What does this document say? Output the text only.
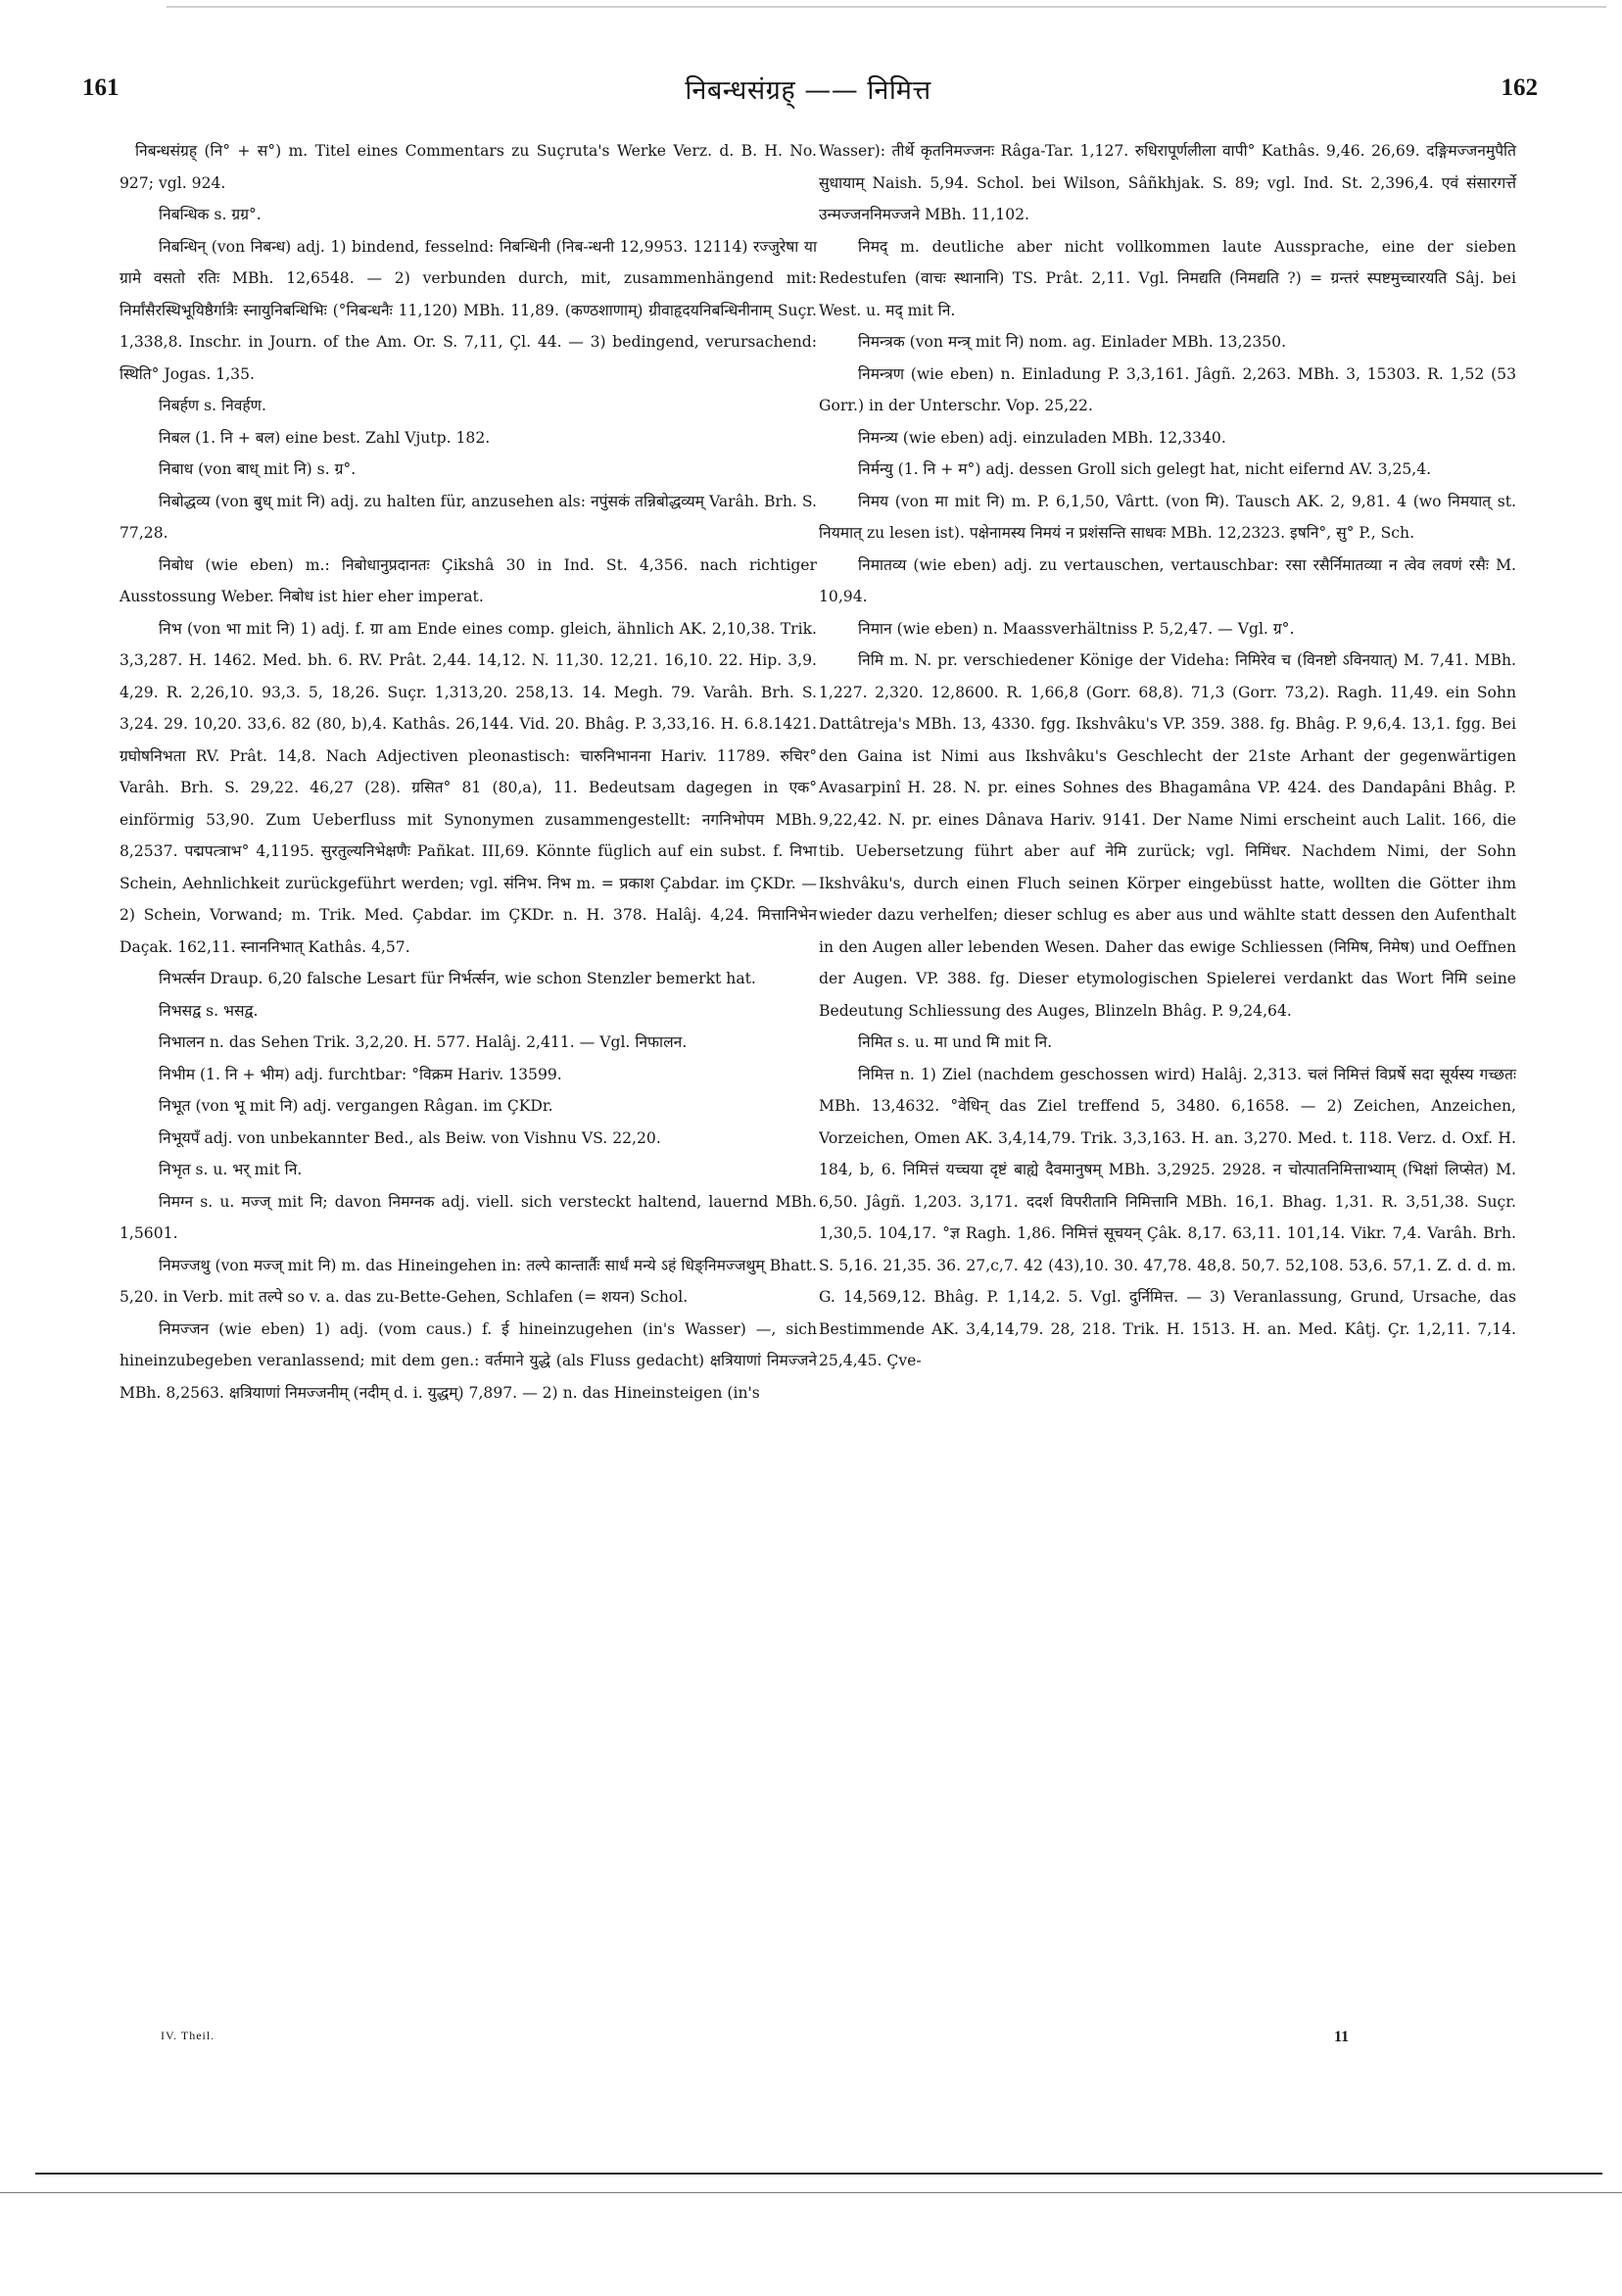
161	निबन्धसंग्रह् —— निमित्त	162

निबन्धसंग्रह् (नि° + स°) m. Titel eines Commentars zu Suçruta's Werke Verz. d. B. H. No. 927; vgl. 924.

निबन्धिक s. ग्रग्र°.

निबन्धिन् (von निबन्ध) adj. 1) bindend, fesselnd: निबन्धिनी (निब-न्धनी 12,9953. 12114) रज्जुरेषा या ग्रामे वसतो रतिः MBh. 12,6548. — 2) verbunden durch, mit, zusammenhängend mit: निर्मांसैरस्थिभूयिष्ठैर्गात्रैः स्नायुनिबन्धिभिः (°निबन्धनैः 11,120) MBh. 11,89. (कण्ठशाणाम्) ग्रीवाहृदयनिबन्धिनीनाम् Suçr. 1,338,8. Inschr. in Journ. of the Am. Or. S. 7,11, Çl. 44. — 3) bedingend, verursachend: स्थिति° Jogas. 1,35.

निबर्हण s. निवर्हण.

निबल (1. नि + बल) eine best. Zahl Vjutp. 182.

निबाध (von बाध् mit नि) s. ग्र°.

निबोद्धव्य (von बुध् mit नि) adj. zu halten für, anzusehen als: नपुंसकं तन्निबोद्धव्यम् Varâh. Brh. S. 77,28.

निबोध (wie eben) m.: निबोधानुप्रदानतः Çikshâ 30 in Ind. St. 4,356. nach richtiger Ausstossung Weber. निबोध ist hier eher imperat.

निभ (von भा mit नि) 1) adj. f. ग्रा am Ende eines comp. gleich, ähnlich AK. 2,10,38. Trik. 3,3,287. H. 1462. Med. bh. 6. RV. Prât. 2,44. 14,12. N. 11,30. 12,21. 16,10. 22. Hip. 3,9. 4,29. R. 2,26,10. 93,3. 5, 18,26. Suçr. 1,313,20. 258,13. 14. Megh. 79. Varâh. Brh. S. 3,24. 29. 10,20. 33,6. 82 (80, b),4. Kathâs. 26,144. Vid. 20. Bhâg. P. 3,33,16. H. 6.8.1421. ग्रघोषनिभता RV. Prât. 14,8. Nach Adjectiven pleonastisch: चारुनिभानना Hariv. 11789. रुचिर° Varâh. Brh. S. 29,22. 46,27 (28). ग्रसित° 81 (80,a), 11. Bedeutsam dagegen in एक° einförmig 53,90. Zum Ueberfluss mit Synonymen zusammengestellt: नगनिभोपम MBh. 8,2537. पद्मपत्त्राभ° 4,1195. सुरतुल्यनिभेक्षणैः Pañkat. III,69. Könnte füglich auf ein subst. f. निभा Schein, Aehnlichkeit zurückgeführt werden; vgl. संनिभ. निभ m. = प्रकाश Çabdar. im ÇKDr. — 2) Schein, Vorwand; m. Trik. Med. Çabdar. im ÇKDr. n. H. 378. Halâj. 4,24. मित्तानिभेन Daçak. 162,11. स्नाननिभात् Kathâs. 4,57.

निभर्त्सन Draup. 6,20 falsche Lesart für निर्भर्त्सन, wie schon Stenzler bemerkt hat.

निभसद्व s. भसद्व.

निभालन n. das Sehen Trik. 3,2,20. H. 577. Halâj. 2,411. — Vgl. निफालन.

निभीम (1. नि + भीम) adj. furchtbar: °विक्रम Hariv. 13599.

निभूत (von भू mit नि) adj. vergangen Râgan. im ÇKDr.

निभूयपँ adj. von unbekannter Bed., als Beiw. von Vishnu VS. 22,20.

निभृत s. u. भर् mit नि.

निमग्न s. u. मज्ज् mit नि; davon निमग्नक adj. viell. sich versteckt haltend, lauernd MBh. 1,5601.

निमज्जथु (von मज्ज् mit नि) m. das Hineingehen in: तल्पे कान्तार्तैः सार्धं मन्ये ऽहं धिङ्निमज्जथुम् Bhatt. 5,20. in Verb. mit तल्पे so v. a. das zu-Bette-Gehen, Schlafen (= शयन) Schol.

निमज्जन (wie eben) 1) adj. (vom caus.) f. ई hineinzugehen (in's Wasser) —, sich hineinzubegeben veranlassend; mit dem gen.: वर्तमाने युद्धे (als Fluss gedacht) क्षत्रियाणां निमज्जने MBh. 8,2563. क्षत्रियाणां निमज्जनीम् (नदीम् d. i. युद्धम्) 7,897. — 2) n. das Hineinsteigen (in's

Wasser): तीर्थे कृतनिमज्जनः Râga-Tar. 1,127. रुधिरापूर्णलीला वापी° Kathâs. 9,46. 26,69. दङ्गिमज्जनमुपैति सुधायाम् Naish. 5,94. Schol. bei Wilson, Sâñkhjak. S. 89; vgl. Ind. St. 2,396,4. एवं संसारगर्त्ते उन्मज्जननिमज्जने MBh. 11,102.

निमद् m. deutliche aber nicht vollkommen laute Aussprache, eine der sieben Redestufen (वाचः स्थानानि) TS. Prât. 2,11. Vgl. निमद्यति (निमद्यति ?) = ग्रन्तरं स्पष्टमुच्चारयति Sâj. bei West. u. मद् mit नि.

निमन्त्रक (von मन्त्र् mit नि) nom. ag. Einlader MBh. 13,2350.

निमन्त्रण (wie eben) n. Einladung P. 3,3,161. Jâgñ. 2,263. MBh. 3, 15303. R. 1,52 (53 Gorr.) in der Unterschr. Vop. 25,22.

निमन्त्र्य (wie eben) adj. einzuladen MBh. 12,3340.

निर्मन्यु (1. नि + म°) adj. dessen Groll sich gelegt hat, nicht eifernd AV. 3,25,4.

निमय (von मा mit नि) m. P. 6,1,50, Vârtt. (von मि). Tausch AK. 2, 9,81. 4 (wo निमयात् st. नियमात् zu lesen ist). पक्षेनामस्य निमयं न प्रशंसन्ति साधवः MBh. 12,2323. इषनि°, सु° P., Sch.

निमातव्य (wie eben) adj. zu vertauschen, vertauschbar: रसा रसैर्निमातव्या न त्वेव लवणं रसैः M. 10,94.

निमान (wie eben) n. Maassverhältniss P. 5,2,47. — Vgl. ग्र°.

निमि m. N. pr. verschiedener Könige der Videha: निमिरेव च (विनष्टो ऽविनयात्) M. 7,41. MBh. 1,227. 2,320. 12,8600. R. 1,66,8 (Gorr. 68,8). 71,3 (Gorr. 73,2). Ragh. 11,49. ein Sohn Dattâtreja's MBh. 13, 4330. fgg. Ikshvâku's VP. 359. 388. fg. Bhâg. P. 9,6,4. 13,1. fgg. Bei den Gaina ist Nimi aus Ikshvâku's Geschlecht der 21ste Arhant der gegenwärtigen Avasarpinî H. 28. N. pr. eines Sohnes des Bhagamâna VP. 424. des Dandapâni Bhâg. P. 9,22,42. N. pr. eines Dânava Hariv. 9141. Der Name Nimi erscheint auch Lalit. 166, die tib. Uebersetzung führt aber auf नेमि zurück; vgl. निमिंधर. Nachdem Nimi, der Sohn Ikshvâku's, durch einen Fluch seinen Körper eingebüsst hatte, wollten die Götter ihm wieder dazu verhelfen; dieser schlug es aber aus und wählte statt dessen den Aufenthalt in den Augen aller lebenden Wesen. Daher das ewige Schliessen (निमिष, निमेष) und Oeffnen der Augen. VP. 388. fg. Dieser etymologischen Spielerei verdankt das Wort निमि seine Bedeutung Schliessung des Auges, Blinzeln Bhâg. P. 9,24,64.

निमित s. u. मा und मि mit नि.

निमित्त n. 1) Ziel (nachdem geschossen wird) Halâj. 2,313. चलं निमित्तं विप्रर्षे सदा सूर्यस्य गच्छतः MBh. 13,4632. °वेधिन् das Ziel treffend 5, 3480. 6,1658. — 2) Zeichen, Anzeichen, Vorzeichen, Omen AK. 3,4,14,79. Trik. 3,3,163. H. an. 3,270. Med. t. 118. Verz. d. Oxf. H. 184, b, 6. निमित्तं यच्चया दृष्टं बाह्ये दैवमानुषम् MBh. 3,2925. 2928. न चोत्पातनिमित्ताभ्याम् (भिक्षां लिप्सेत) M. 6,50. Jâgñ. 1,203. 3,171. ददर्श विपरीतानि निमित्तानि MBh. 16,1. Bhag. 1,31. R. 3,51,38. Suçr. 1,30,5. 104,17. °ज्ञ Ragh. 1,86. निमित्तं सूचयन् Çâk. 8,17. 63,11. 101,14. Vikr. 7,4. Varâh. Brh. S. 5,16. 21,35. 36. 27,c,7. 42 (43),10. 30. 47,78. 48,8. 50,7. 52,108. 53,6. 57,1. Z. d. d. m. G. 14,569,12. Bhâg. P. 1,14,2. 5. Vgl. दुर्निमित्त. — 3) Veranlassung, Grund, Ursache, das Bestimmende AK. 3,4,14,79. 28, 218. Trik. H. 1513. H. an. Med. Kâtj. Çr. 1,2,11. 7,14. 25,4,45. Çve-

IV. Theil.	11
